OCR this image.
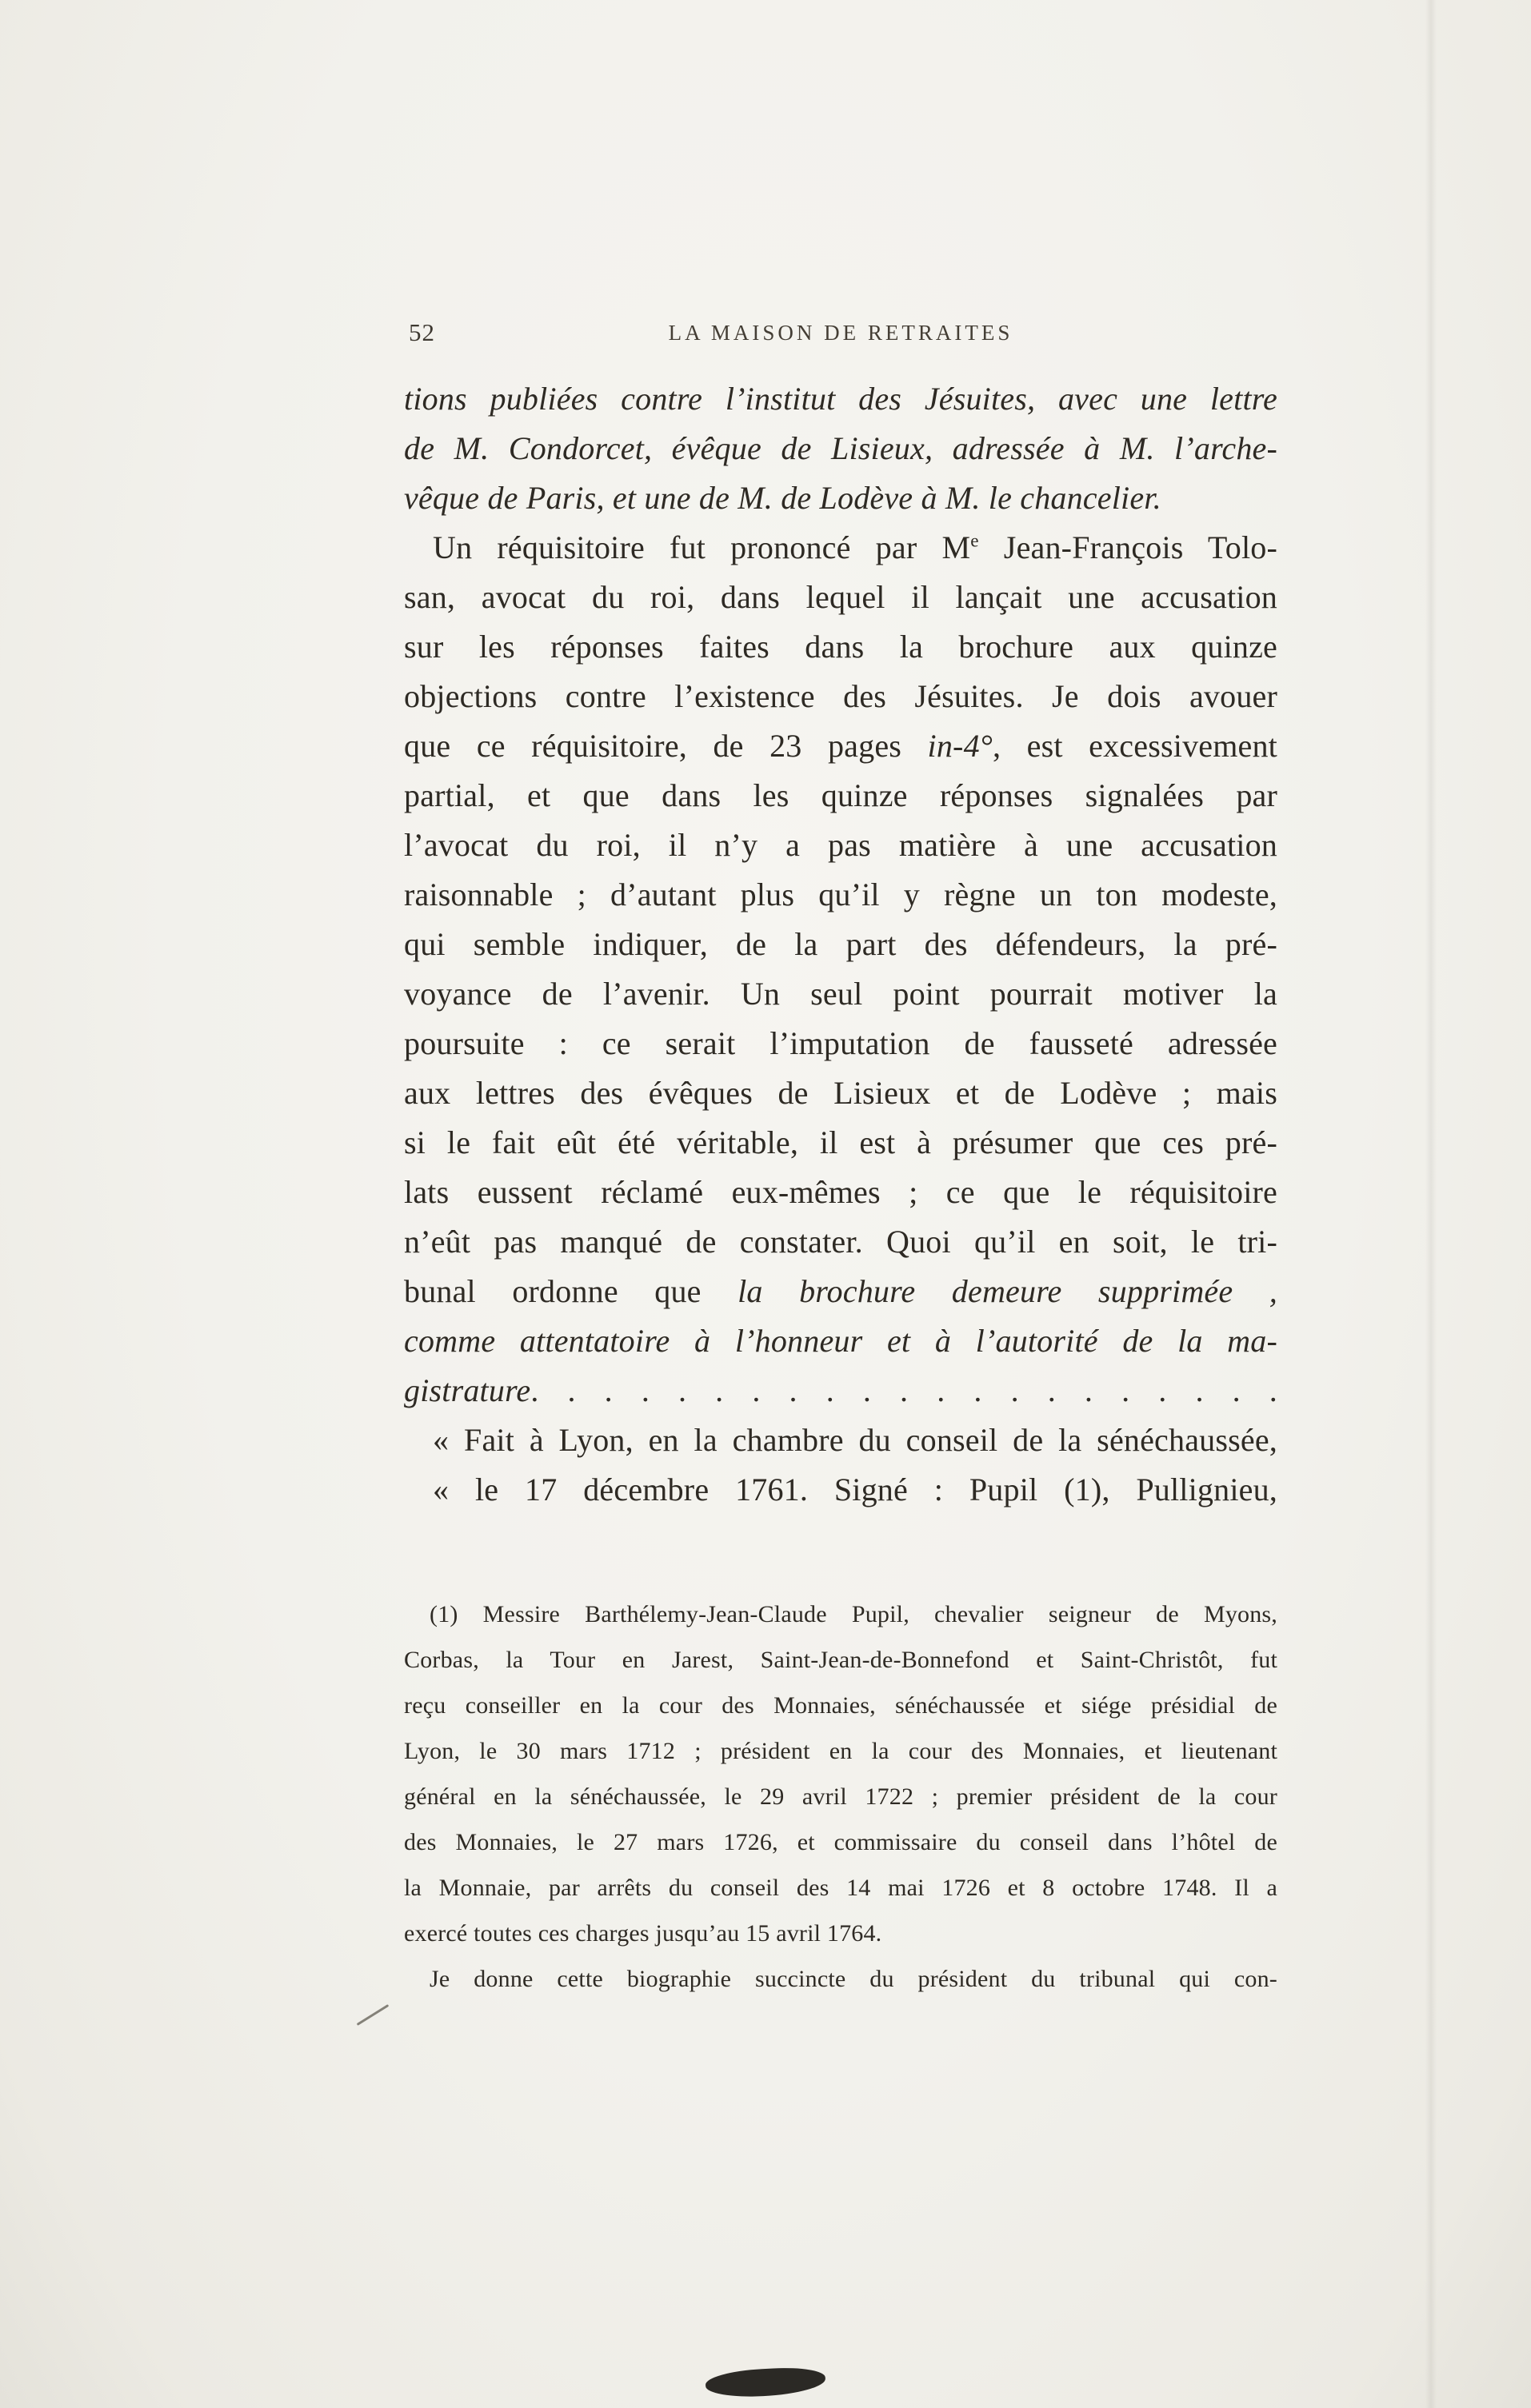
52	LA MAISON DE RETRAITES
tions publiées contre l’institut des Jésuites, avec une lettre
de M. Condorcet, évêque de Lisieux, adressée à M. l’arche-
vêque de Paris, et une de M. de Lodève à M. le chancelier.
Un réquisitoire fut prononcé par Me Jean-François Tolo-
san, avocat du roi, dans lequel il lançait une accusation
sur les réponses faites dans la brochure aux quinze
objections contre l’existence des Jésuites. Je dois avouer
que ce réquisitoire, de 23 pages in-4°, est excessivement
partial, et que dans les quinze réponses signalées par
l’avocat du roi, il n’y a pas matière à une accusation
raisonnable ; d’autant plus qu’il y règne un ton modeste,
qui semble indiquer, de la part des défendeurs, la pré-
voyance de l’avenir. Un seul point pourrait motiver la
poursuite : ce serait l’imputation de fausseté adressée
aux lettres des évêques de Lisieux et de Lodève ; mais
si le fait eût été véritable, il est à présumer que ces pré-
lats eussent réclamé eux-mêmes ; ce que le réquisitoire
n’eût pas manqué de constater. Quoi qu’il en soit, le tri-
bunal ordonne que la brochure demeure supprimée ,
comme attentatoire à l’honneur et à l’autorité de la ma-
gistrature. . . . . . . . . . . . . . . . . . . . .
« Fait à Lyon, en la chambre du conseil de la sénéchaussée,
« le 17 décembre 1761. Signé : Pupil (1), Pullignieu,
(1) Messire Barthélemy-Jean-Claude Pupil, chevalier seigneur de Myons,
Corbas, la Tour en Jarest, Saint-Jean-de-Bonnefond et Saint-Christôt, fut
reçu conseiller en la cour des Monnaies, sénéchaussée et siége présidial de
Lyon, le 30 mars 1712 ; président en la cour des Monnaies, et lieutenant
général en la sénéchaussée, le 29 avril 1722 ; premier président de la cour
des Monnaies, le 27 mars 1726, et commissaire du conseil dans l’hôtel de
la Monnaie, par arrêts du conseil des 14 mai 1726 et 8 octobre 1748. Il a
exercé toutes ces charges jusqu’au 15 avril 1764.
Je donne cette biographie succincte du président du tribunal qui con-
